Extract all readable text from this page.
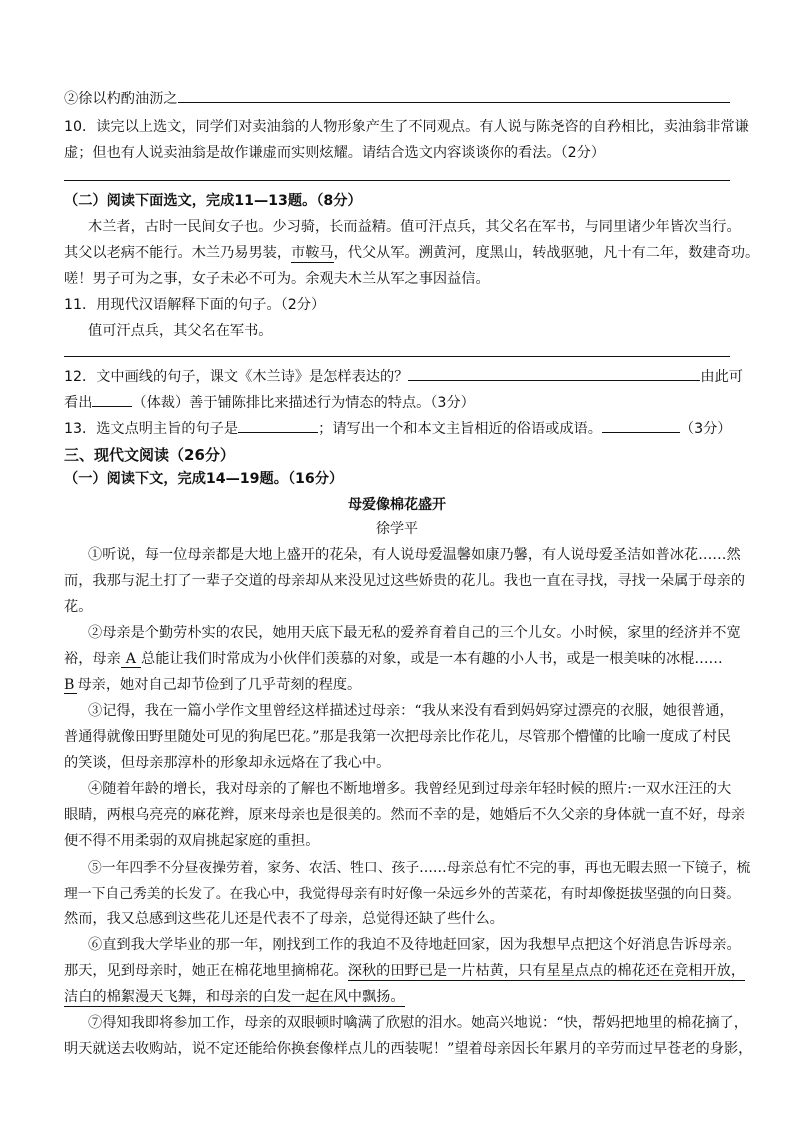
②徐以杓酌油沥之
10．读完以上选文，同学们对卖油翁的人物形象产生了不同观点。有人说与陈尧咨的自矜相比，卖油翁非常谦
虚；但也有人说卖油翁是故作谦虚而实则炫耀。请结合选文内容谈谈你的看法。（2分）
（二）阅读下面选文，完成11—13题。（8分）
木兰者，古时一民间女子也。少习骑，长而益精。值可汗点兵，其父名在军书，与同里诸少年皆次当行。
其父以老病不能行。木兰乃易男装，市鞍马，代父从军。溯黄河，度黑山，转战驱驰，凡十有二年，数建奇功。
嗟！男子可为之事，女子未必不可为。余观夫木兰从军之事因益信。
11．用现代汉语解释下面的句子。（2分）
值可汗点兵，其父名在军书。
12．文中画线的句子，课文《木兰诗》是怎样表达的？	由此可
看出	（体裁）善于铺陈排比来描述行为情态的特点。（3分）
13．选文点明主旨的句子是	；请写出一个和本文主旨相近的俗语或成语。	（3分）
三、现代文阅读（26分）
（一）阅读下文，完成14—19题。（16分）
母爱像棉花盛开
徐学平
①听说，每一位母亲都是大地上盛开的花朵，有人说母爱温馨如康乃馨，有人说母爱圣洁如普冰花……然
而，我那与泥土打了一辈子交道的母亲却从来没见过这些娇贵的花儿。我也一直在寻找，寻找一朵属于母亲的
花。
②母亲是个勤劳朴实的农民，她用天底下最无私的爱养育着自己的三个儿女。小时候，家里的经济并不宽
裕，母亲 A 总能让我们时常成为小伙伴们羡慕的对象，或是一本有趣的小人书，或是一根美味的冰棍……
B 母亲，她对自己却节俭到了几乎苛刻的程度。
③记得，我在一篇小学作文里曾经这样描述过母亲：“我从来没有看到妈妈穿过漂亮的衣服，她很普通，
普通得就像田野里随处可见的狗尾巴花。”那是我第一次把母亲比作花儿，尽管那个懵懂的比喻一度成了村民
的笑谈，但母亲那淳朴的形象却永远烙在了我心中。
④随着年龄的增长，我对母亲的了解也不断地增多。我曾经见到过母亲年轻时候的照片:一双水汪汪的大
眼睛，两根乌亮亮的麻花辫，原来母亲也是很美的。然而不幸的是，她婚后不久父亲的身体就一直不好，母亲
便不得不用柔弱的双肩挑起家庭的重担。
⑤一年四季不分昼夜操劳着，家务、农活、牲口、孩子……母亲总有忙不完的事，再也无暇去照一下镜子，梳
理一下自己秀美的长发了。在我心中，我觉得母亲有时好像一朵远乡外的苦菜花，有时却像挺拔坚强的向日葵。
然而，我又总感到这些花儿还是代表不了母亲，总觉得还缺了些什么。
⑥直到我大学毕业的那一年，刚找到工作的我迫不及待地赶回家，因为我想早点把这个好消息告诉母亲。
那天，见到母亲时，她正在棉花地里摘棉花。深秋的田野已是一片枯黄，只有星星点点的棉花还在竞相开放，
洁白的棉絮漫天飞舞，和母亲的白发一起在风中飘扬。
⑦得知我即将参加工作，母亲的双眼顿时噙满了欣慰的泪水。她高兴地说：“快，帮妈把地里的棉花摘了，
明天就送去收购站，说不定还能给你换套像样点儿的西装呢！”望着母亲因长年累月的辛劳而过早苍老的身影，
